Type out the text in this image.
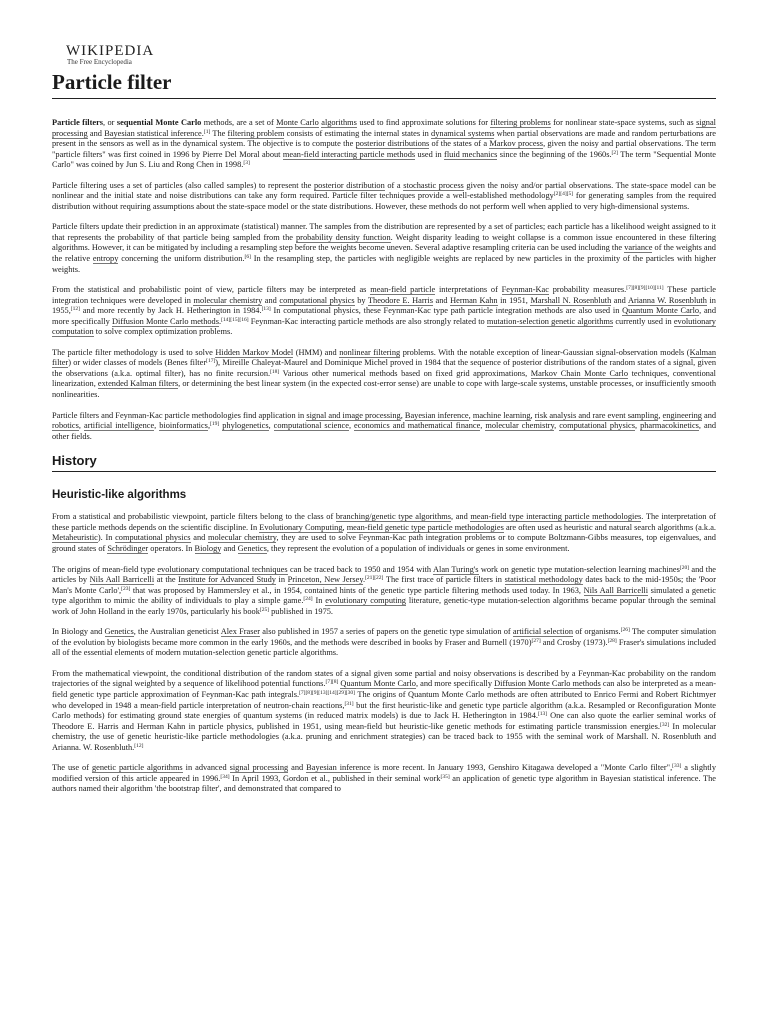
WIKIPEDIA
The Free Encyclopedia
Particle filter

Particle filters, or sequential Monte Carlo methods, are a set of Monte Carlo algorithms used to find approximate solutions for filtering problems for nonlinear state-space systems, such as signal processing and Bayesian statistical inference.[1] The filtering problem consists of estimating the internal states in dynamical systems when partial observations are made and random perturbations are present in the sensors as well as in the dynamical system. The objective is to compute the posterior distributions of the states of a Markov process, given the noisy and partial observations. The term "particle filters" was first coined in 1996 by Pierre Del Moral about mean-field interacting particle methods used in fluid mechanics since the beginning of the 1960s.[2] The term "Sequential Monte Carlo" was coined by Jun S. Liu and Rong Chen in 1998.[3]

Particle filtering uses a set of particles (also called samples) to represent the posterior distribution of a stochastic process given the noisy and/or partial observations. The state-space model can be nonlinear and the initial state and noise distributions can take any form required. Particle filter techniques provide a well-established methodology[2][4][5] for generating samples from the required distribution without requiring assumptions about the state-space model or the state distributions. However, these methods do not perform well when applied to very high-dimensional systems.

Particle filters update their prediction in an approximate (statistical) manner. The samples from the distribution are represented by a set of particles; each particle has a likelihood weight assigned to it that represents the probability of that particle being sampled from the probability density function. Weight disparity leading to weight collapse is a common issue encountered in these filtering algorithms. However, it can be mitigated by including a resampling step before the weights become uneven. Several adaptive resampling criteria can be used including the variance of the weights and the relative entropy concerning the uniform distribution.[6] In the resampling step, the particles with negligible weights are replaced by new particles in the proximity of the particles with higher weights.

From the statistical and probabilistic point of view, particle filters may be interpreted as mean-field particle interpretations of Feynman-Kac probability measures.[7][8][9][10][11] These particle integration techniques were developed in molecular chemistry and computational physics by Theodore E. Harris and Herman Kahn in 1951, Marshall N. Rosenbluth and Arianna W. Rosenbluth in 1955,[12] and more recently by Jack H. Hetherington in 1984.[13] In computational physics, these Feynman-Kac type path particle integration methods are also used in Quantum Monte Carlo, and more specifically Diffusion Monte Carlo methods.[14][15][16] Feynman-Kac interacting particle methods are also strongly related to mutation-selection genetic algorithms currently used in evolutionary computation to solve complex optimization problems.

The particle filter methodology is used to solve Hidden Markov Model (HMM) and nonlinear filtering problems. With the notable exception of linear-Gaussian signal-observation models (Kalman filter) or wider classes of models (Benes filter[17]), Mireille Chaleyat-Maurel and Dominique Michel proved in 1984 that the sequence of posterior distributions of the random states of a signal, given the observations (a.k.a. optimal filter), has no finite recursion.[18] Various other numerical methods based on fixed grid approximations, Markov Chain Monte Carlo techniques, conventional linearization, extended Kalman filters, or determining the best linear system (in the expected cost-error sense) are unable to cope with large-scale systems, unstable processes, or insufficiently smooth nonlinearities.

Particle filters and Feynman-Kac particle methodologies find application in signal and image processing, Bayesian inference, machine learning, risk analysis and rare event sampling, engineering and robotics, artificial intelligence, bioinformatics,[19] phylogenetics, computational science, economics and mathematical finance, molecular chemistry, computational physics, pharmacokinetics, and other fields.

History
Heuristic-like algorithms

From a statistical and probabilistic viewpoint, particle filters belong to the class of branching/genetic type algorithms, and mean-field type interacting particle methodologies. The interpretation of these particle methods depends on the scientific discipline. In Evolutionary Computing, mean-field genetic type particle methodologies are often used as heuristic and natural search algorithms (a.k.a. Metaheuristic). In computational physics and molecular chemistry, they are used to solve Feynman-Kac path integration problems or to compute Boltzmann-Gibbs measures, top eigenvalues, and ground states of Schrödinger operators. In Biology and Genetics, they represent the evolution of a population of individuals or genes in some environment.

The origins of mean-field type evolutionary computational techniques can be traced back to 1950 and 1954 with Alan Turing's work on genetic type mutation-selection learning machines[20] and the articles by Nils Aall Barricelli at the Institute for Advanced Study in Princeton, New Jersey.[21][22] The first trace of particle filters in statistical methodology dates back to the mid-1950s; the 'Poor Man's Monte Carlo',[23] that was proposed by Hammersley et al., in 1954, contained hints of the genetic type particle filtering methods used today. In 1963, Nils Aall Barricelli simulated a genetic type algorithm to mimic the ability of individuals to play a simple game.[24] In evolutionary computing literature, genetic-type mutation-selection algorithms became popular through the seminal work of John Holland in the early 1970s, particularly his book[25] published in 1975.

In Biology and Genetics, the Australian geneticist Alex Fraser also published in 1957 a series of papers on the genetic type simulation of artificial selection of organisms.[26] The computer simulation of the evolution by biologists became more common in the early 1960s, and the methods were described in books by Fraser and Burnell (1970)[27] and Crosby (1973).[28] Fraser's simulations included all of the essential elements of modern mutation-selection genetic particle algorithms.

From the mathematical viewpoint, the conditional distribution of the random states of a signal given some partial and noisy observations is described by a Feynman-Kac probability on the random trajectories of the signal weighted by a sequence of likelihood potential functions.[7][8] Quantum Monte Carlo, and more specifically Diffusion Monte Carlo methods can also be interpreted as a mean-field genetic type particle approximation of Feynman-Kac path integrals.[7][8][9][13][14][29][30] The origins of Quantum Monte Carlo methods are often attributed to Enrico Fermi and Robert Richtmyer who developed in 1948 a mean-field particle interpretation of neutron-chain reactions,[31] but the first heuristic-like and genetic type particle algorithm (a.k.a. Resampled or Reconfiguration Monte Carlo methods) for estimating ground state energies of quantum systems (in reduced matrix models) is due to Jack H. Hetherington in 1984.[13] One can also quote the earlier seminal works of Theodore E. Harris and Herman Kahn in particle physics, published in 1951, using mean-field but heuristic-like genetic methods for estimating particle transmission energies.[32] In molecular chemistry, the use of genetic heuristic-like particle methodologies (a.k.a. pruning and enrichment strategies) can be traced back to 1955 with the seminal work of Marshall. N. Rosenbluth and Arianna. W. Rosenbluth.[12]

The use of genetic particle algorithms in advanced signal processing and Bayesian inference is more recent. In January 1993, Genshiro Kitagawa developed a "Monte Carlo filter",[33] a slightly modified version of this article appeared in 1996.[34] In April 1993, Gordon et al., published in their seminal work[35] an application of genetic type algorithm in Bayesian statistical inference. The authors named their algorithm 'the bootstrap filter', and demonstrated that compared to
